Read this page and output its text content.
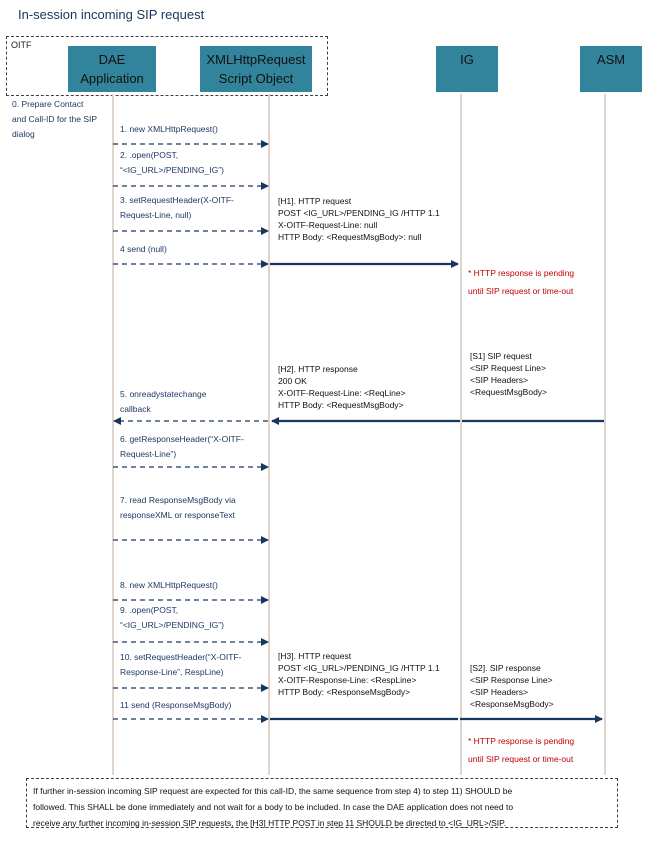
In-session incoming SIP request
OITF
DAE
Application
XMLHttpRequest
Script Object
IG	ASM
0. Prepare Contact
and Call-ID for the SIP
dialog	1. new XMLHttpRequest()
2. .open(POST,
“<IG_URL>/PENDING_IG”)
3. setRequestHeader(X-OITF-
Request-Line, null)
4 send (null)
5. onreadystatechange
callback
6. getResponseHeader(“X-OITF-
Request-Line”)
7. read ResponseMsgBody via
responseXML or responseText
8. new XMLHttpRequest()
9. .open(POST,
“<IG_URL>/PENDING_IG”)
10. setRequestHeader(“X-OITF-
Response-Line”, RespLine)
11 send (ResponseMsgBody)
[H1]. HTTP request
POST <IG_URL>/PENDING_IG /HTTP 1.1
X-OITF-Request-Line: null
HTTP Body: <RequestMsgBody>: null
[H2]. HTTP response
200 OK
X-OITF-Request-Line: <ReqLine>
HTTP Body: <RequestMsgBody>
[H3]. HTTP request
POST <IG_URL>/PENDING_IG /HTTP 1.1
X-OITF-Response-Line: <RespLine>
HTTP Body: <ResponseMsgBody>
[S1] SIP request
<SIP Request Line>
<SIP Headers>
<RequestMsgBody>
[S2]. SIP response
<SIP Response Line>
<SIP Headers>
<ResponseMsgBody>
* HTTP response is pending
until SIP request or time-out
* HTTP response is pending
until SIP request or time-out
If further in-session incoming SIP request are expected for this call-ID, the same sequence from step 4) to step 11) SHOULD be
followed. This SHALL be done immediately and not wait for a body to be included. In case the DAE application does not need to
receive any further incoming in-session SIP requests, the [H3] HTTP POST in step 11 SHOULD be directed to <IG_URL>/SIP.
